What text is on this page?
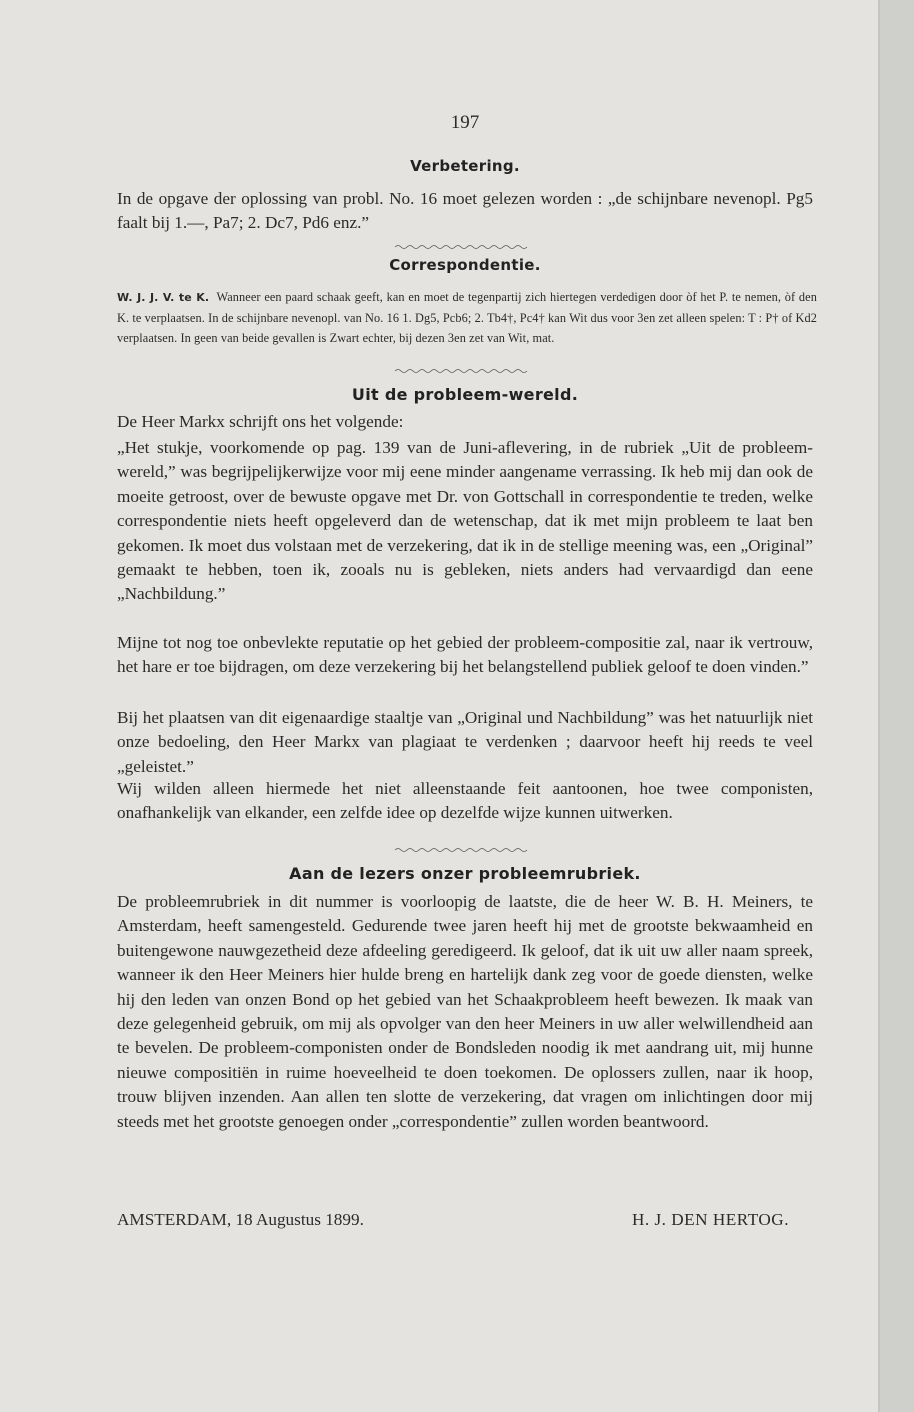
197
Verbetering.
In de opgave der oplossing van probl. No. 16 moet gelezen worden : „de schijnbare nevenopl. Pg5 faalt bij 1.—, Pa7; 2. Dc7, Pd6 enz.”
Correspondentie.
W. J. J. V. te K. Wanneer een paard schaak geeft, kan en moet de tegenpartij zich hiertegen verdedigen door òf het P. te nemen, òf den K. te verplaatsen. In de schijnbare nevenopl. van No. 16 1. Dg5, Pcb6; 2. Tb4†, Pc4† kan Wit dus voor 3en zet alleen spelen: T : P† of Kd2 verplaatsen. In geen van beide gevallen is Zwart echter, bij dezen 3en zet van Wit, mat.
Uit de probleem-wereld.
De Heer Markx schrijft ons het volgende:
„Het stukje, voorkomende op pag. 139 van de Juni-aflevering, in de rubriek „Uit de probleem-wereld,” was begrijpelijkerwijze voor mij eene minder aangename verrassing. Ik heb mij dan ook de moeite getroost, over de bewuste opgave met Dr. von Gottschall in correspondentie te treden, welke correspondentie niets heeft opgeleverd dan de wetenschap, dat ik met mijn probleem te laat ben gekomen. Ik moet dus volstaan met de verzekering, dat ik in de stellige meening was, een „Original” gemaakt te hebben, toen ik, zooals nu is gebleken, niets anders had vervaardigd dan eene „Nachbildung.”
Mijne tot nog toe onbevlekte reputatie op het gebied der probleem-compositie zal, naar ik vertrouw, het hare er toe bijdragen, om deze verzekering bij het belangstellend publiek geloof te doen vinden.”
Bij het plaatsen van dit eigenaardige staaltje van „Original und Nachbildung” was het natuurlijk niet onze bedoeling, den Heer Markx van plagiaat te verdenken ; daarvoor heeft hij reeds te veel „geleistet.”
Wij wilden alleen hiermede het niet alleenstaande feit aantoonen, hoe twee componisten, onafhankelijk van elkander, een zelfde idee op dezelfde wijze kunnen uitwerken.
Aan de lezers onzer probleemrubriek.
De probleemrubriek in dit nummer is voorloopig de laatste, die de heer W. B. H. Meiners, te Amsterdam, heeft samengesteld. Gedurende twee jaren heeft hij met de grootste bekwaamheid en buitengewone nauwgezetheid deze afdeeling geredigeerd. Ik geloof, dat ik uit uw aller naam spreek, wanneer ik den Heer Meiners hier hulde breng en hartelijk dank zeg voor de goede diensten, welke hij den leden van onzen Bond op het gebied van het Schaakprobleem heeft bewezen. Ik maak van deze gelegenheid gebruik, om mij als opvolger van den heer Meiners in uw aller welwillendheid aan te bevelen. De probleem-componisten onder de Bondsleden noodig ik met aandrang uit, mij hunne nieuwe compositiën in ruime hoeveelheid te doen toekomen. De oplossers zullen, naar ik hoop, trouw blijven inzenden. Aan allen ten slotte de verzekering, dat vragen om inlichtingen door mij steeds met het grootste genoegen onder „correspondentie” zullen worden beantwoord.
AMSTERDAM, 18 Augustus 1899.	H. J. DEN HERTOG.
